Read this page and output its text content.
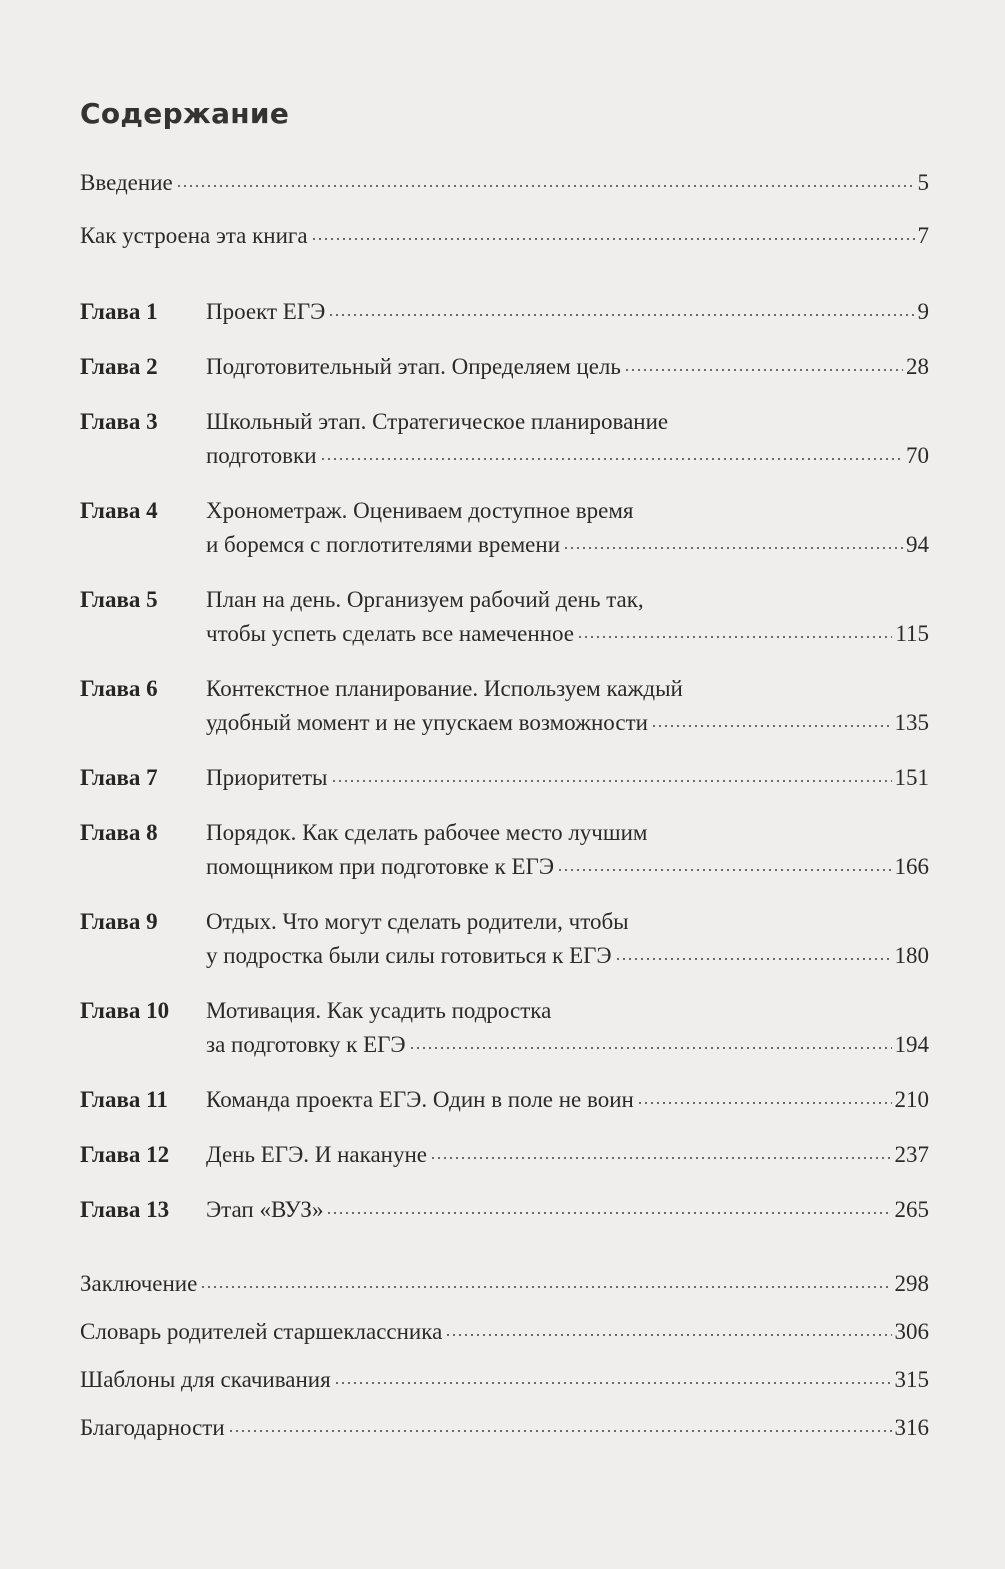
Содержание
Введение	5
Как устроена эта книга	7
Глава 1	Проект ЕГЭ	9
Глава 2	Подготовительный этап. Определяем цель	28
Глава 3	Школьный этап. Стратегическое планирование
подготовки	70
Глава 4	Хронометраж. Оцениваем доступное время
и боремся с поглотителями времени	94
Глава 5	План на день. Организуем рабочий день так,
чтобы успеть сделать все намеченное	115
Глава 6	Контекстное планирование. Используем каждый
удобный момент и не упускаем возможности	135
Глава 7	Приоритеты	151
Глава 8	Порядок. Как сделать рабочее место лучшим
помощником при подготовке к ЕГЭ	166
Глава 9	Отдых. Что могут сделать родители, чтобы
у подростка были силы готовиться к ЕГЭ	180
Глава 10	Мотивация. Как усадить подростка
за подготовку к ЕГЭ	194
Глава 11	Команда проекта ЕГЭ. Один в поле не воин	210
Глава 12	День ЕГЭ. И накануне	237
Глава 13	Этап «ВУЗ»	265
Заключение	298
Словарь родителей старшеклассника	306
Шаблоны для скачивания	315
Благодарности	316
